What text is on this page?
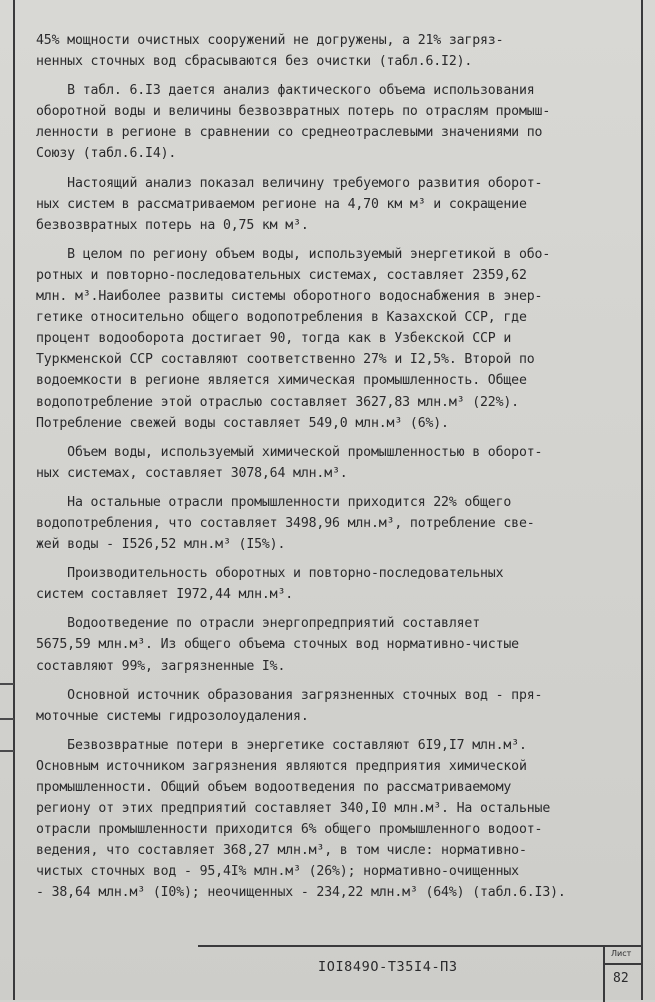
45% мощности очистных сооружений не догружены, а 21% загряз-
ненных сточных вод сбрасываются без очистки (табл.6.I2).
В табл. 6.I3 дается анализ фактического объема использования
оборотной воды и величины безвозвратных потерь по отраслям промыш-
ленности в регионе в сравнении со среднеотраслевыми значениями по
Союзу (табл.6.I4).
Настоящий анализ показал величину требуемого развития оборот-
ных систем в рассматриваемом регионе на 4,70 км м³ и сокращение
безвозвратных потерь на 0,75 км м³.
В целом по региону объем воды, используемый энергетикой в обо-
ротных и повторно-последовательных системах, составляет 2359,62
млн. м³.Наиболее развиты системы оборотного водоснабжения в энер-
гетике относительно общего водопотребления в Казахской ССР, где
процент водооборота достигает 90, тогда как в Узбекской ССР и
Туркменской ССР составляют соответственно 27% и I2,5%. Второй по
водоемкости в регионе является химическая промышленность. Общее
водопотребление этой отраслью составляет 3627,83 млн.м³ (22%).
Потребление свежей воды составляет 549,0 млн.м³ (6%).
Объем воды, используемый химической промышленностью в оборот-
ных системах, составляет 3078,64 млн.м³.
На остальные отрасли промышленности приходится 22% общего
водопотребления, что составляет 3498,96 млн.м³, потребление све-
жей воды - I526,52 млн.м³ (I5%).
Производительность оборотных и повторно-последовательных
систем составляет I972,44 млн.м³.
Водоотведение по отрасли энергопредприятий составляет
5675,59 млн.м³. Из общего объема сточных вод нормативно-чистые
составляют 99%, загрязненные I%.
Основной источник образования загрязненных сточных вод - пря-
моточные системы гидрозолоудаления.
Безвозвратные потери в энергетике составляют 6I9,I7 млн.м³.
Основным источником загрязнения являются предприятия химической
промышленности. Общий объем водоотведения по рассматриваемому
региону от этих предприятий составляет 340,I0 млн.м³. На остальные
отрасли промышленности приходится 6% общего промышленного водоот-
ведения, что составляет 368,27 млн.м³, в том числе: нормативно-
чистых сточных вод - 95,4I% млн.м³ (26%); нормативно-очищенных
- 38,64 млн.м³ (I0%); неочищенных - 234,22 млн.м³ (64%) (табл.6.I3).
IOI849O-T35I4-ПЗ
Лист
82
